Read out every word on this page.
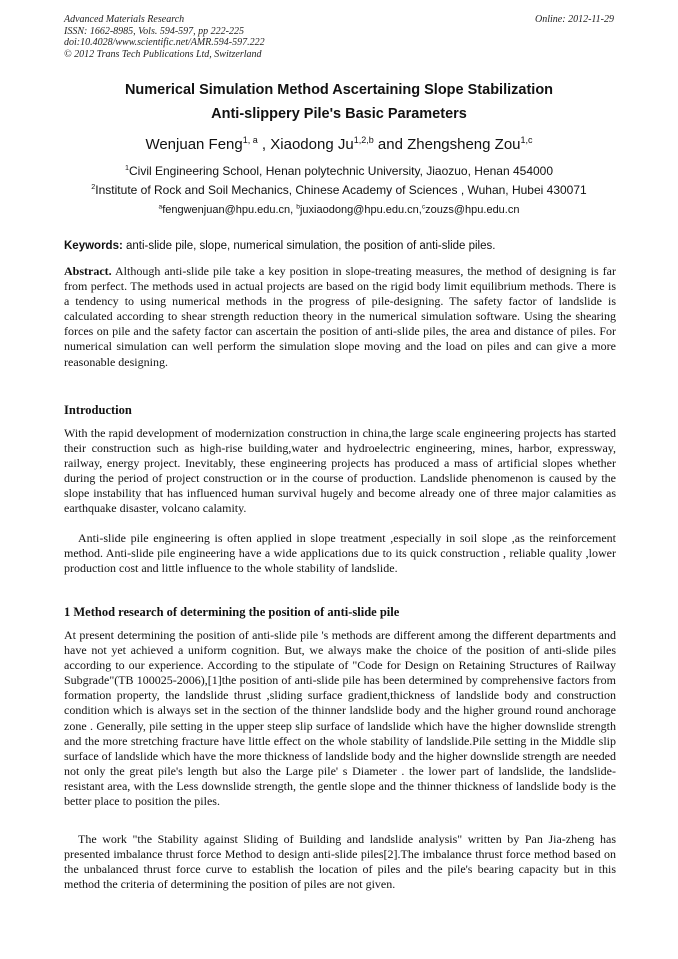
Advanced Materials Research
ISSN: 1662-8985, Vols. 594-597, pp 222-225
doi:10.4028/www.scientific.net/AMR.594-597.222
© 2012 Trans Tech Publications Ltd, Switzerland
Online: 2012-11-29
Numerical Simulation Method Ascertaining Slope Stabilization
Anti-slippery Pile's Basic Parameters
Wenjuan Feng$^{1, a}$ , Xiaodong Ju$^{1,2,b}$ and Zhengsheng Zou$^{1,c}$
$^1$Civil Engineering School, Henan polytechnic University, Jiaozuo, Henan 454000
$^2$Institute of Rock and Soil Mechanics, Chinese Academy of Sciences , Wuhan, Hubei 430071
$^a$fengwenjuan@hpu.edu.cn, $^b$juxiaodong@hpu.edu.cn,$^c$zouzs@hpu.edu.cn
Keywords: anti-slide pile, slope, numerical simulation, the position of anti-slide piles.
Abstract. Although anti-slide pile take a key position in slope-treating measures, the method of designing is far from perfect. The methods used in actual projects are based on the rigid body limit equilibrium methods. There is a tendency to using numerical methods in the progress of pile-designing. The safety factor of landslide is calculated according to shear strength reduction theory in the numerical simulation software. Using the shearing forces on pile and the safety factor can ascertain the position of anti-slide piles, the area and distance of piles. For numerical simulation can well perform the simulation slope moving and the load on piles and can give a more reasonable designing.
Introduction
With the rapid development of modernization construction in china,the large scale engineering projects has started their construction such as high-rise building,water and hydroelectric engineering, mines, harbor, expressway, railway, energy project. Inevitably, these engineering projects has produced a mass of artificial slopes whether during the period of project construction or in the course of production. Landslide phenomenon is caused by the slope instability that has influenced human survival hugely and become already one of three major calamities as earthquake disaster, volcano calamity.
Anti-slide pile engineering is often applied in slope treatment ,especially in soil slope ,as the reinforcement method. Anti-slide pile engineering have a wide applications due to its quick construction , reliable quality ,lower production cost and little influence to the whole stability of landslide.
1 Method research of determining the position of anti-slide pile
At present determining the position of anti-slide pile 's methods are different among the different departments and have not yet achieved a uniform cognition. But, we always make the choice of the position of anti-slide piles according to our experience. According to the stipulate of "Code for Design on Retaining Structures of Railway Subgrade"(TB 100025-2006),[1]the position of anti-slide pile has been determined by comprehensive factors from formation property, the landslide thrust ,sliding surface gradient,thickness of landslide body and construction condition which is always set in the section of the thinner landslide body and the higher ground round anchorage zone . Generally, pile setting in the upper steep slip surface of landslide which have the higher downslide strength and the more stretching fracture have little effect on the whole stability of landslide.Pile setting in the Middle slip surface of landslide which have the more thickness of landslide body and the higher downslide strength are needed not only the great pile's length but also the Large pile' s Diameter . the lower part of landslide, the landslide-resistant area, with the Less downslide strength, the gentle slope and the thinner thickness of landslide body is the better place to position the piles.
The work "the Stability against Sliding of Building and landslide analysis" written by Pan Jia-zheng has presented imbalance thrust force Method to design anti-slide piles[2].The imbalance thrust force method based on the unbalanced thrust force curve to establish the location of piles and the pile's bearing capacity but in this method the criteria of determining the position of piles are not given.
